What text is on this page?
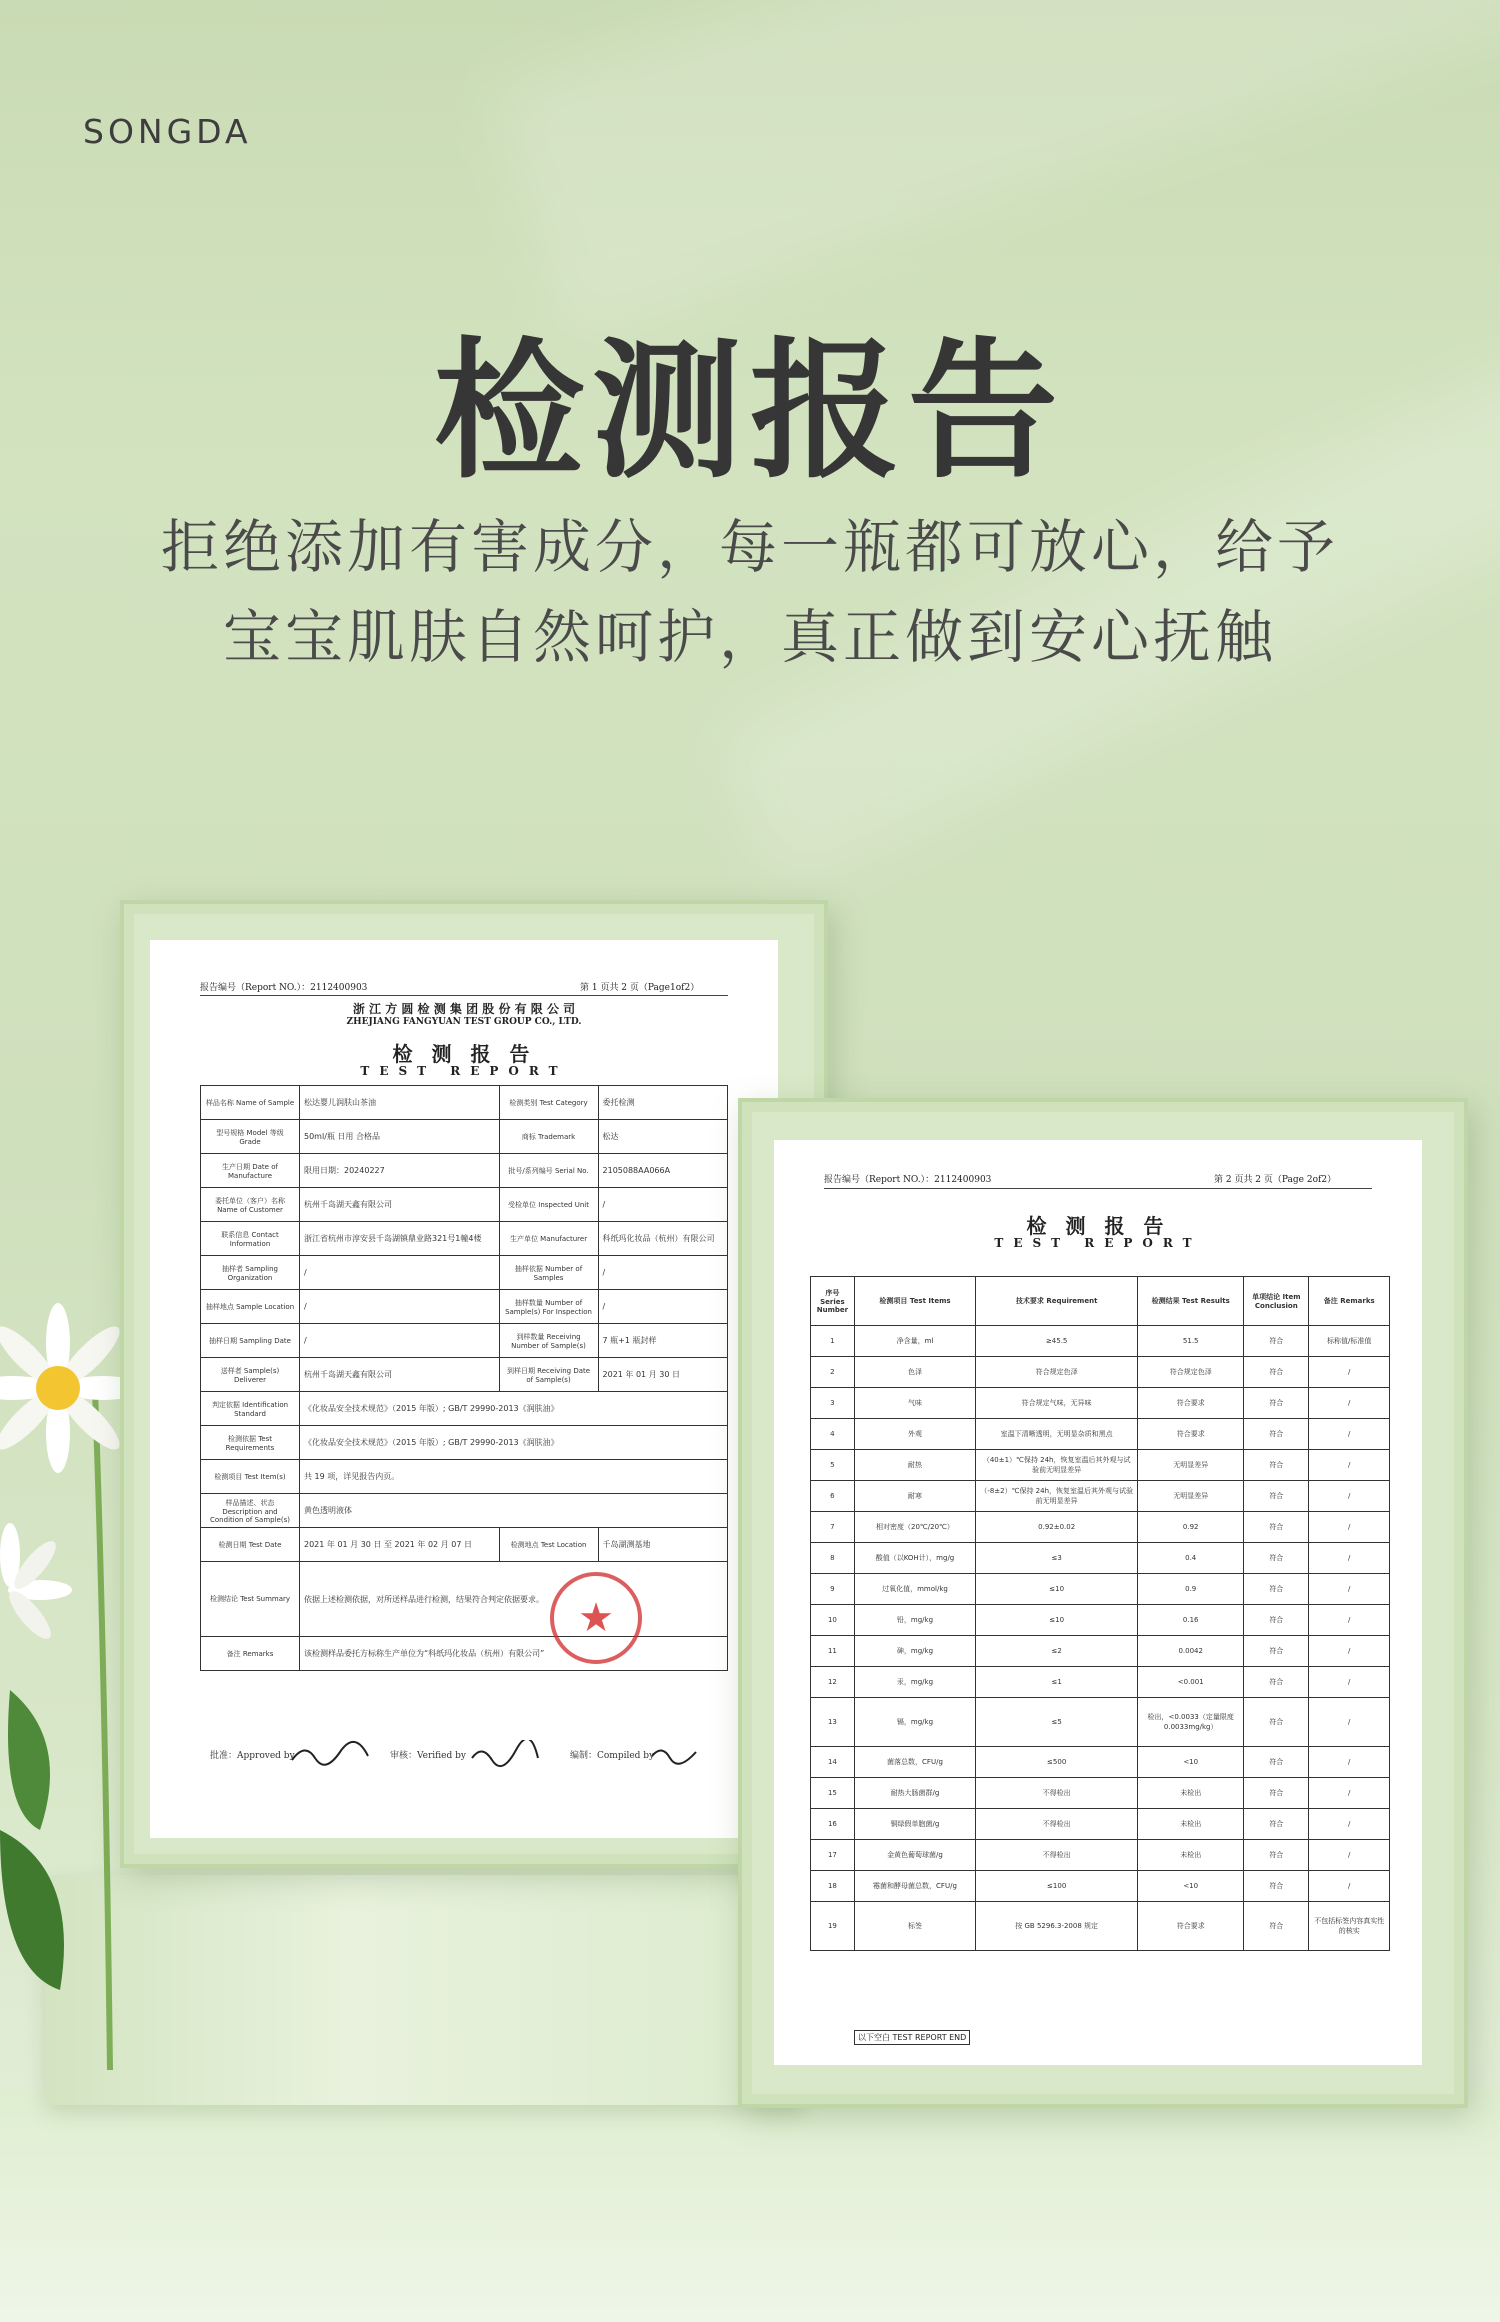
SONGDA
检测报告
拒绝添加有害成分，每一瓶都可放心，给予
宝宝肌肤自然呵护，真正做到安心抚触
报告编号（Report NO.）：2112400903	第 1 页共 2 页（Page1of2）
浙 江 方 圆 检 测 集 团 股 份 有 限 公 司
ZHEJIANG FANGYUAN TEST GROUP CO., LTD.
检 测 报 告
TEST REPORT
样品名称 Name of Sample	松达婴儿润肤山茶油	检测类别 Test Category	委托检测
型号规格 Model 等级 Grade	50ml/瓶 日用 合格品	商标 Trademark	松达
生产日期 Date of Manufacture	限用日期：20240227	批号/系列编号 Serial No.	2105088AA066A
委托单位（客户）名称 Name of Customer	杭州千岛湖天鑫有限公司	受检单位 Inspected Unit	/
联系信息 Contact Information	浙江省杭州市淳安县千岛湖镇鼎业路321号1幢4楼	生产单位 Manufacturer	科纸玛化妆品（杭州）有限公司
抽样者 Sampling Organization	/	抽样依据 Number of Samples	/
抽样地点 Sample Location	/	抽样数量 Number of Sample(s) For Inspection	/
抽样日期 Sampling Date	/	到样数量 Receiving Number of Sample(s)	7 瓶+1 瓶封样
送样者 Sample(s) Deliverer	杭州千岛湖天鑫有限公司	到样日期 Receiving Date of Sample(s)	2021 年 01 月 30 日
判定依据 Identification Standard	《化妆品安全技术规范》（2015 年版）; GB/T 29990-2013《润肤油》		
检测依据 Test Requirements	《化妆品安全技术规范》（2015 年版）; GB/T 29990-2013《润肤油》		
检测项目 Test Item(s)	共 19 项，详见报告内页。		
样品描述、状态 Description and Condition of Sample(s)	黄色透明液体		
检测日期 Test Date	2021 年 01 月 30 日 至 2021 年 02 月 07 日	检测地点 Test Location	千岛湖测基地
检测结论 Test Summary	依据上述检测依据，对所送样品进行检测，结果符合判定依据要求。		
备注 Remarks	该检测样品委托方标称生产单位为“科纸玛化妆品（杭州）有限公司”		
★
批准：Approved by	审核：Verified by	编制：Compiled by
报告编号（Report NO.）：2112400903	第 2 页共 2 页（Page 2of2）
检 测 报 告
TEST REPORT
序号 Series Number	检测项目 Test Items	技术要求 Requirement	检测结果 Test Results	单项结论 Item Conclusion	备注 Remarks
1	净含量，ml	≥45.5	51.5	符合	标称值/标准值
2	色泽	符合规定色泽	符合规定色泽	符合	/
3	气味	符合规定气味，无异味	符合要求	符合	/
4	外观	室温下清晰透明，无明显杂质和黑点	符合要求	符合	/
5	耐热	（40±1）℃保持 24h，恢复室温后其外观与试验前无明显差异	无明显差异	符合	/
6	耐寒	（-8±2）℃保持 24h，恢复室温后其外观与试验前无明显差异	无明显差异	符合	/
7	相对密度（20℃/20℃）	0.92±0.02	0.92	符合	/
8	酸值（以KOH计），mg/g	≤3	0.4	符合	/
9	过氧化值，mmol/kg	≤10	0.9	符合	/
10	铅，mg/kg	≤10	0.16	符合	/
11	砷，mg/kg	≤2	0.0042	符合	/
12	汞，mg/kg	≤1	<0.001	符合	/
13	镉，mg/kg	≤5	检出，<0.0033（定量限度0.0033mg/kg）	符合	/
14	菌落总数，CFU/g	≤500	<10	符合	/
15	耐热大肠菌群/g	不得检出	未检出	符合	/
16	铜绿假单胞菌/g	不得检出	未检出	符合	/
17	金黄色葡萄球菌/g	不得检出	未检出	符合	/
18	霉菌和酵母菌总数，CFU/g	≤100	<10	符合	/
19	标签	按 GB 5296.3-2008 规定	符合要求	符合	不包括标签内容真实性的核实
以下空白 TEST REPORT END
